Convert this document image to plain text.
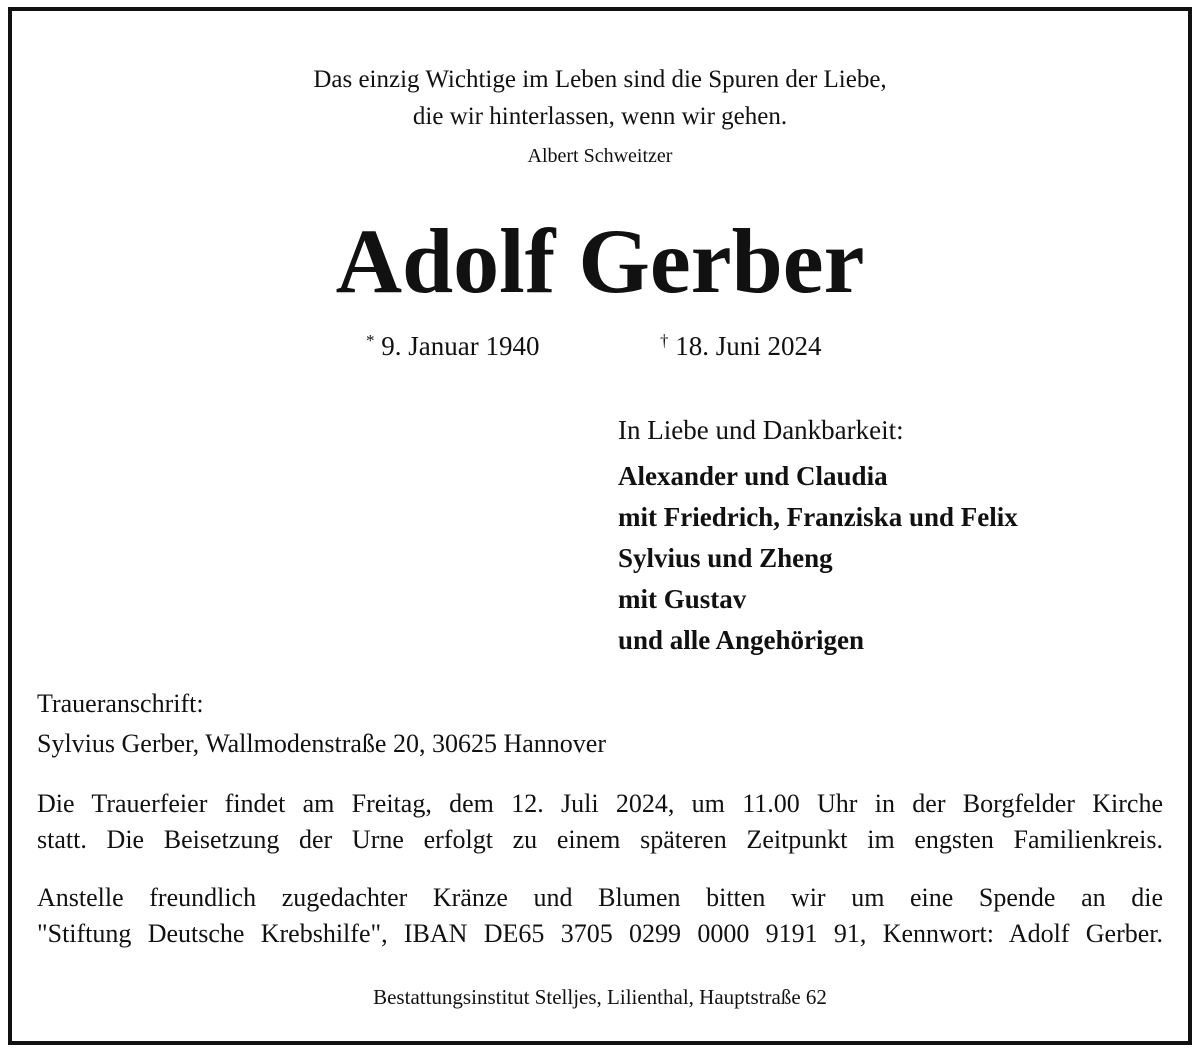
Das einzig Wichtige im Leben sind die Spuren der Liebe,

die wir hinterlassen, wenn wir gehen.

Albert Schweitzer

Adolf Gerber

* 9. Januar 1940	† 18. Juni 2024

In Liebe und Dankbarkeit:

Alexander und Claudia
mit Friedrich, Franziska und Felix
Sylvius und Zheng
mit Gustav
und alle Angehörigen

Traueranschrift:

Sylvius Gerber, Wallmodenstraße 20, 30625 Hannover

Die Trauerfeier findet am Freitag, dem 12. Juli 2024, um 11.00 Uhr in der Borgfelder Kirche

statt. Die Beisetzung der Urne erfolgt zu einem späteren Zeitpunkt im engsten Familienkreis.

Anstelle freundlich zugedachter Kränze und Blumen bitten wir um eine Spende an die

"Stiftung Deutsche Krebshilfe", IBAN DE65 3705 0299 0000 9191 91, Kennwort: Adolf Gerber.

Bestattungsinstitut Stelljes, Lilienthal, Hauptstraße 62
